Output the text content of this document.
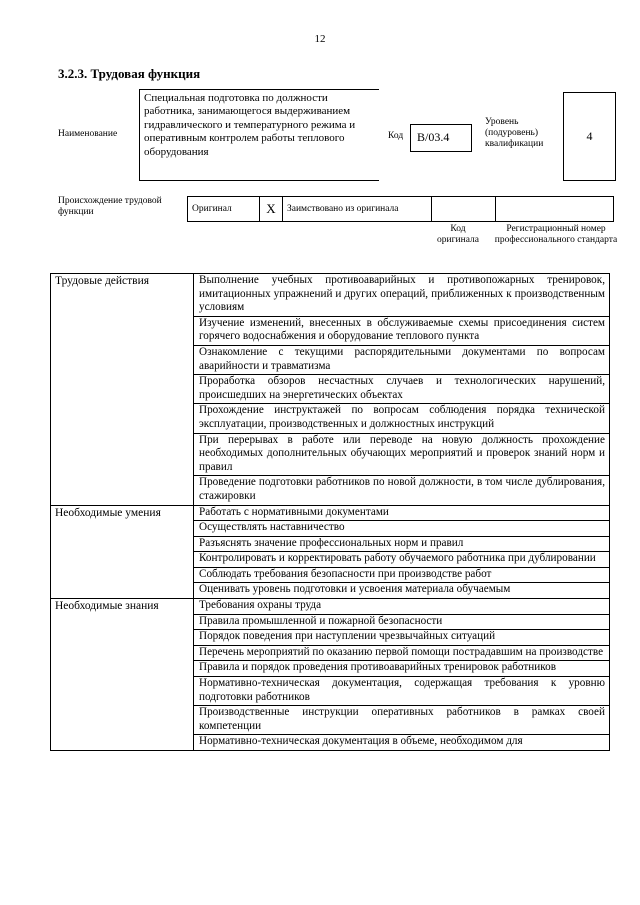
12
3.2.3. Трудовая функция
Наименование
Специальная подготовка по должности работника, занимающегося выдерживанием гидравлического и температурного режима и оперативным контролем работы теплового оборудования
Код B/03.4
Уровень (подуровень) квалификации
4
Происхождение трудовой функции	Оригинал	X	Заимствовано из оригинала		
Код оригинала
Регистрационный номер профессионального стандарта
Трудовые действия	Выполнение учебных противоаварийных и противопожарных тренировок, имитационных упражнений и других операций, приближенных к производственным условиям
	Изучение изменений, внесенных в обслуживаемые схемы присоединения систем горячего водоснабжения и оборудование теплового пункта
	Ознакомление с текущими распорядительными документами по вопросам аварийности и травматизма
	Проработка обзоров несчастных случаев и технологических нарушений, происшедших на энергетических объектах
	Прохождение инструктажей по вопросам соблюдения порядка технической эксплуатации, производственных и должностных инструкций
	При перерывах в работе или переводе на новую должность прохождение необходимых дополнительных обучающих мероприятий и проверок знаний норм и правил
	Проведение подготовки работников по новой должности, в том числе дублирования, стажировки
Необходимые умения	Работать с нормативными документами
	Осуществлять наставничество
	Разъяснять значение профессиональных норм и правил
	Контролировать и корректировать работу обучаемого работника при дублировании
	Соблюдать требования безопасности при производстве работ
	Оценивать уровень подготовки и усвоения материала обучаемым
Необходимые знания	Требования охраны труда
	Правила промышленной и пожарной безопасности
	Порядок поведения при наступлении чрезвычайных ситуаций
	Перечень мероприятий по оказанию первой помощи пострадавшим на производстве
	Правила и порядок проведения противоаварийных тренировок работников
	Нормативно-техническая документация, содержащая требования к уровню подготовки работников
	Производственные инструкции оперативных работников в рамках своей компетенции
	Нормативно-техническая документация в объеме, необходимом для
